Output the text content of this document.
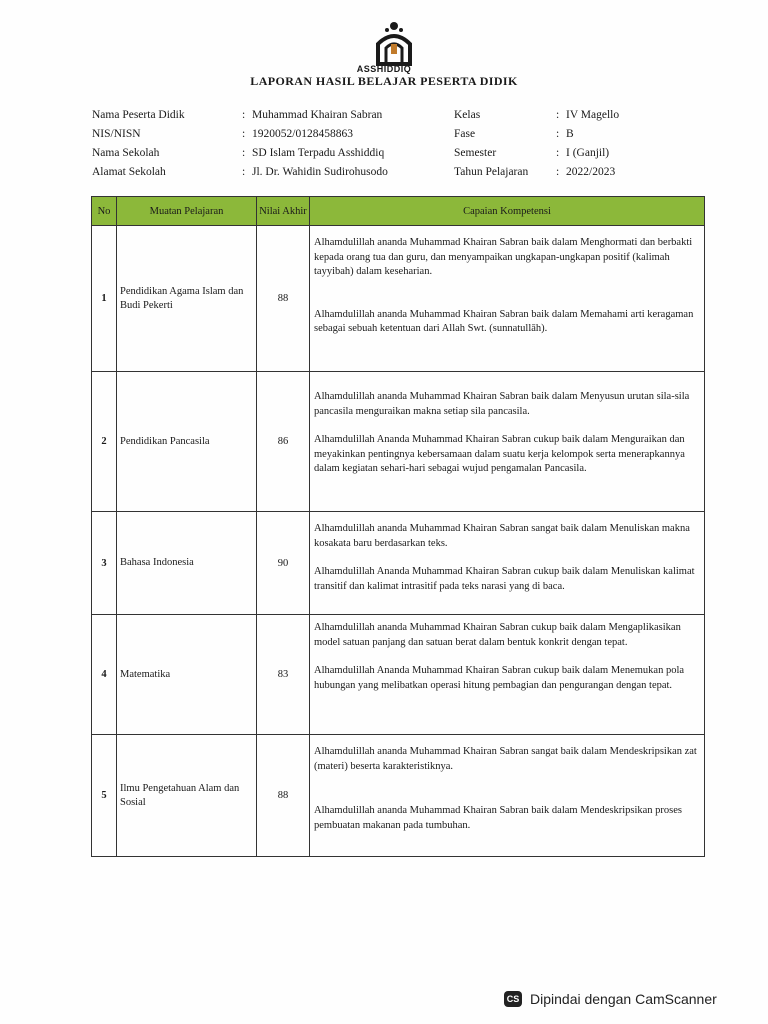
ASSHIDDIQ
LAPORAN HASIL BELAJAR PESERTA DIDIK
Nama Peserta Didik	: Muhammad Khairan Sabran
NIS/NISN	: 1920052/0128458863
Nama Sekolah	: SD Islam Terpadu Asshiddiq
Alamat Sekolah	: Jl. Dr. Wahidin Sudirohusodo
Kelas	: IV Magello
Fase	: B
Semester	: I (Ganjil)
Tahun Pelajaran	: 2022/2023
No	Muatan Pelajaran	Nilai Akhir	Capaian Kompetensi
1	Pendidikan Agama Islam dan Budi Pekerti	88	Alhamdulillah ananda Muhammad Khairan Sabran baik dalam Menghormati dan berbakti kepada orang tua dan guru, dan menyampaikan ungkapan-ungkapan positif (kalimah tayyibah) dalam keseharian.
Alhamdulillah ananda Muhammad Khairan Sabran baik dalam Memahami arti keragaman sebagai sebuah ketentuan dari Allah Swt. (sunnatullāh).

2	Pendidikan Pancasila	86	Alhamdulillah ananda Muhammad Khairan Sabran baik dalam Menyusun urutan sila-sila pancasila menguraikan makna setiap sila pancasila.
Alhamdulillah Ananda Muhammad Khairan Sabran cukup baik dalam Menguraikan dan meyakinkan pentingnya kebersamaan dalam suatu kerja kelompok serta menerapkannya dalam kegiatan sehari-hari sebagai wujud pengamalan Pancasila.

3	Bahasa Indonesia	90	Alhamdulillah ananda Muhammad Khairan Sabran sangat baik dalam Menuliskan makna kosakata baru berdasarkan teks.
Alhamdulillah Ananda Muhammad Khairan Sabran cukup baik dalam Menuliskan kalimat transitif dan kalimat intrasitif pada teks narasi yang di baca.

4	Matematika	83	Alhamdulillah ananda Muhammad Khairan Sabran cukup baik dalam Mengaplikasikan model satuan panjang dan satuan berat dalam bentuk konkrit dengan tepat.
Alhamdulillah Ananda Muhammad Khairan Sabran cukup baik dalam Menemukan pola hubungan yang melibatkan operasi hitung pembagian dan pengurangan dengan tepat.

5	Ilmu Pengetahuan Alam dan Sosial	88	Alhamdulillah ananda Muhammad Khairan Sabran sangat baik dalam Mendeskripsikan zat (materi) beserta karakteristiknya.
Alhamdulillah ananda Muhammad Khairan Sabran baik dalam Mendeskripsikan proses pembuatan makanan pada tumbuhan.
CS Dipindai dengan CamScanner
